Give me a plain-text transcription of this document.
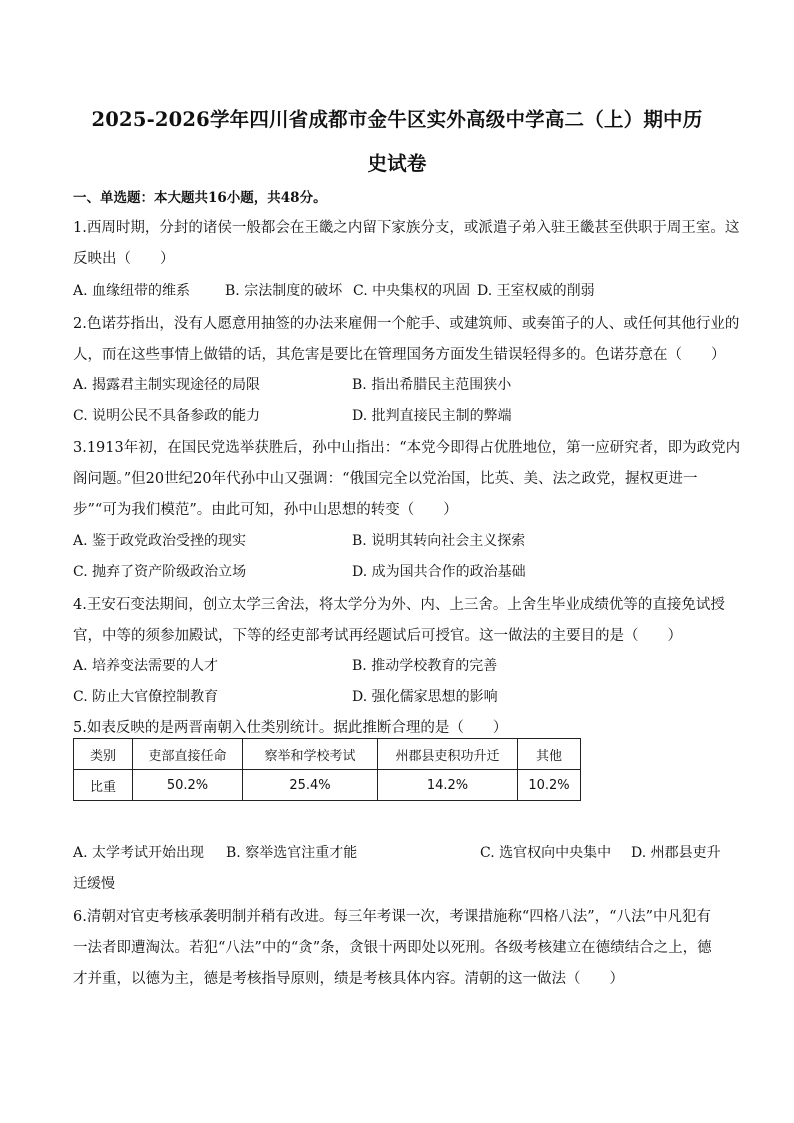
2025-2026学年四川省成都市金牛区实外高级中学高二（上）期中历
史试卷
一、单选题：本大题共16小题，共48分。
1.西周时期，分封的诸侯一般都会在王畿之内留下家族分支，或派遣子弟入驻王畿甚至供职于周王室。这
反映出（　　）
A. 血缘纽带的维系 B. 宗法制度的破坏 C. 中央集权的巩固 D. 王室权威的削弱
2.色诺芬指出，没有人愿意用抽签的办法来雇佣一个舵手、或建筑师、或奏笛子的人、或任何其他行业的
人，而在这些事情上做错的话，其危害是要比在管理国务方面发生错误轻得多的。色诺芬意在（　　）
A. 揭露君主制实现途径的局限	B. 指出希腊民主范围狭小
C. 说明公民不具备参政的能力	D. 批判直接民主制的弊端
3.1913年初，在国民党选举获胜后，孙中山指出：“本党今即得占优胜地位，第一应研究者，即为政党内
阁问题。”但20世纪20年代孙中山又强调：“俄国完全以党治国，比英、美、法之政党，握权更进一
步”“可为我们模范”。由此可知，孙中山思想的转变（　　）
A. 鉴于政党政治受挫的现实	B. 说明其转向社会主义探索
C. 抛弃了资产阶级政治立场	D. 成为国共合作的政治基础
4.王安石变法期间，创立太学三舍法，将太学分为外、内、上三舍。上舍生毕业成绩优等的直接免试授
官，中等的须参加殿试，下等的经吏部考试再经题试后可授官。这一做法的主要目的是（　　）
A. 培养变法需要的人才	B. 推动学校教育的完善
C. 防止大官僚控制教育	D. 强化儒家思想的影响
5.如表反映的是两晋南朝入仕类别统计。据此推断合理的是（　　）
A. 太学考试开始出现 B. 察举选官注重才能	C. 选官权向中央集中 D. 州郡县吏升
迁缓慢
6.清朝对官吏考核承袭明制并稍有改进。每三年考课一次，考课措施称“四格八法”，“八法”中凡犯有
一法者即遭淘汰。若犯“八法”中的“贪”条，贪银十两即处以死刑。各级考核建立在德绩结合之上，德
才并重，以德为主，德是考核指导原则，绩是考核具体内容。清朝的这一做法（　　）
类别	吏部直接任命	察举和学校考试	州郡县吏积功升迁	其他
比重	50.2%	25.4%	14.2%	10.2%
